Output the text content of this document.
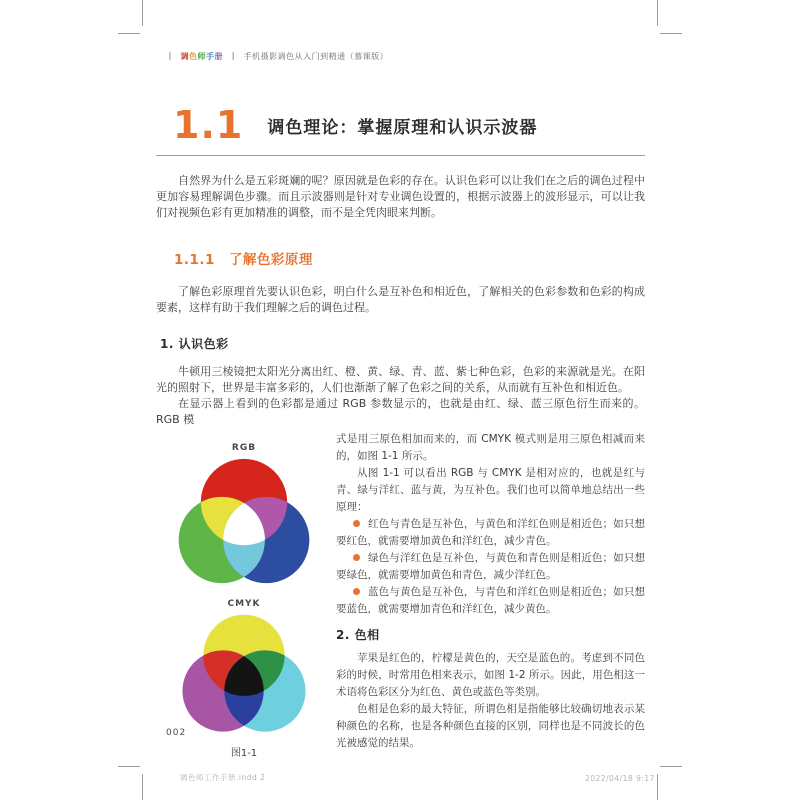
｜ 调色师手册 ｜ 手机摄影调色从入门到精通（慕课版）
1.1 调色理论：掌握原理和认识示波器

自然界为什么是五彩斑斓的呢？原因就是色彩的存在。认识色彩可以让我们在之后的调色过程中更加容易理解调色步骤。而且示波器则是针对专业调色设置的，根据示波器上的波形显示，可以让我们对视频色彩有更加精准的调整，而不是全凭肉眼来判断。

1.1.1 了解色彩原理

了解色彩原理首先要认识色彩，明白什么是互补色和相近色，了解相关的色彩参数和色彩的构成要素，这样有助于我们理解之后的调色过程。

1. 认识色彩

牛顿用三棱镜把太阳光分离出红、橙、黄、绿、青、蓝、紫七种色彩，色彩的来源就是光。在阳光的照射下，世界是丰富多彩的，人们也渐渐了解了色彩之间的关系，从而就有互补色和相近色。

在显示器上看到的色彩都是通过 RGB 参数显示的，也就是由红、绿、蓝三原色衍生而来的。RGB 模

RGB
CMYK
图1-1

式是用三原色相加而来的，而 CMYK 模式则是用三原色相减而来的，如图 1-1 所示。

从图 1-1 可以看出 RGB 与 CMYK 是相对应的，也就是红与青、绿与洋红、蓝与黄，为互补色。我们也可以简单地总结出一些原理：

红色与青色是互补色，与黄色和洋红色则是相近色；如只想要红色，就需要增加黄色和洋红色，减少青色。
绿色与洋红色是互补色，与黄色和青色则是相近色；如只想要绿色，就需要增加黄色和青色，减少洋红色。
蓝色与黄色是互补色，与青色和洋红色则是相近色；如只想要蓝色，就需要增加青色和洋红色，减少黄色。
2. 色相

苹果是红色的，柠檬是黄色的，天空是蓝色的。考虑到不同色彩的时候，时常用色相来表示，如图 1-2 所示。因此，用色相这一术语将色彩区分为红色、黄色或蓝色等类别。

色相是色彩的最大特征，所谓色相是指能够比较确切地表示某种颜色的名称，也是各种颜色直接的区别，同样也是不同波长的色光被感觉的结果。

002
调色师工作手册.indd 2	2022/04/18 9:17
